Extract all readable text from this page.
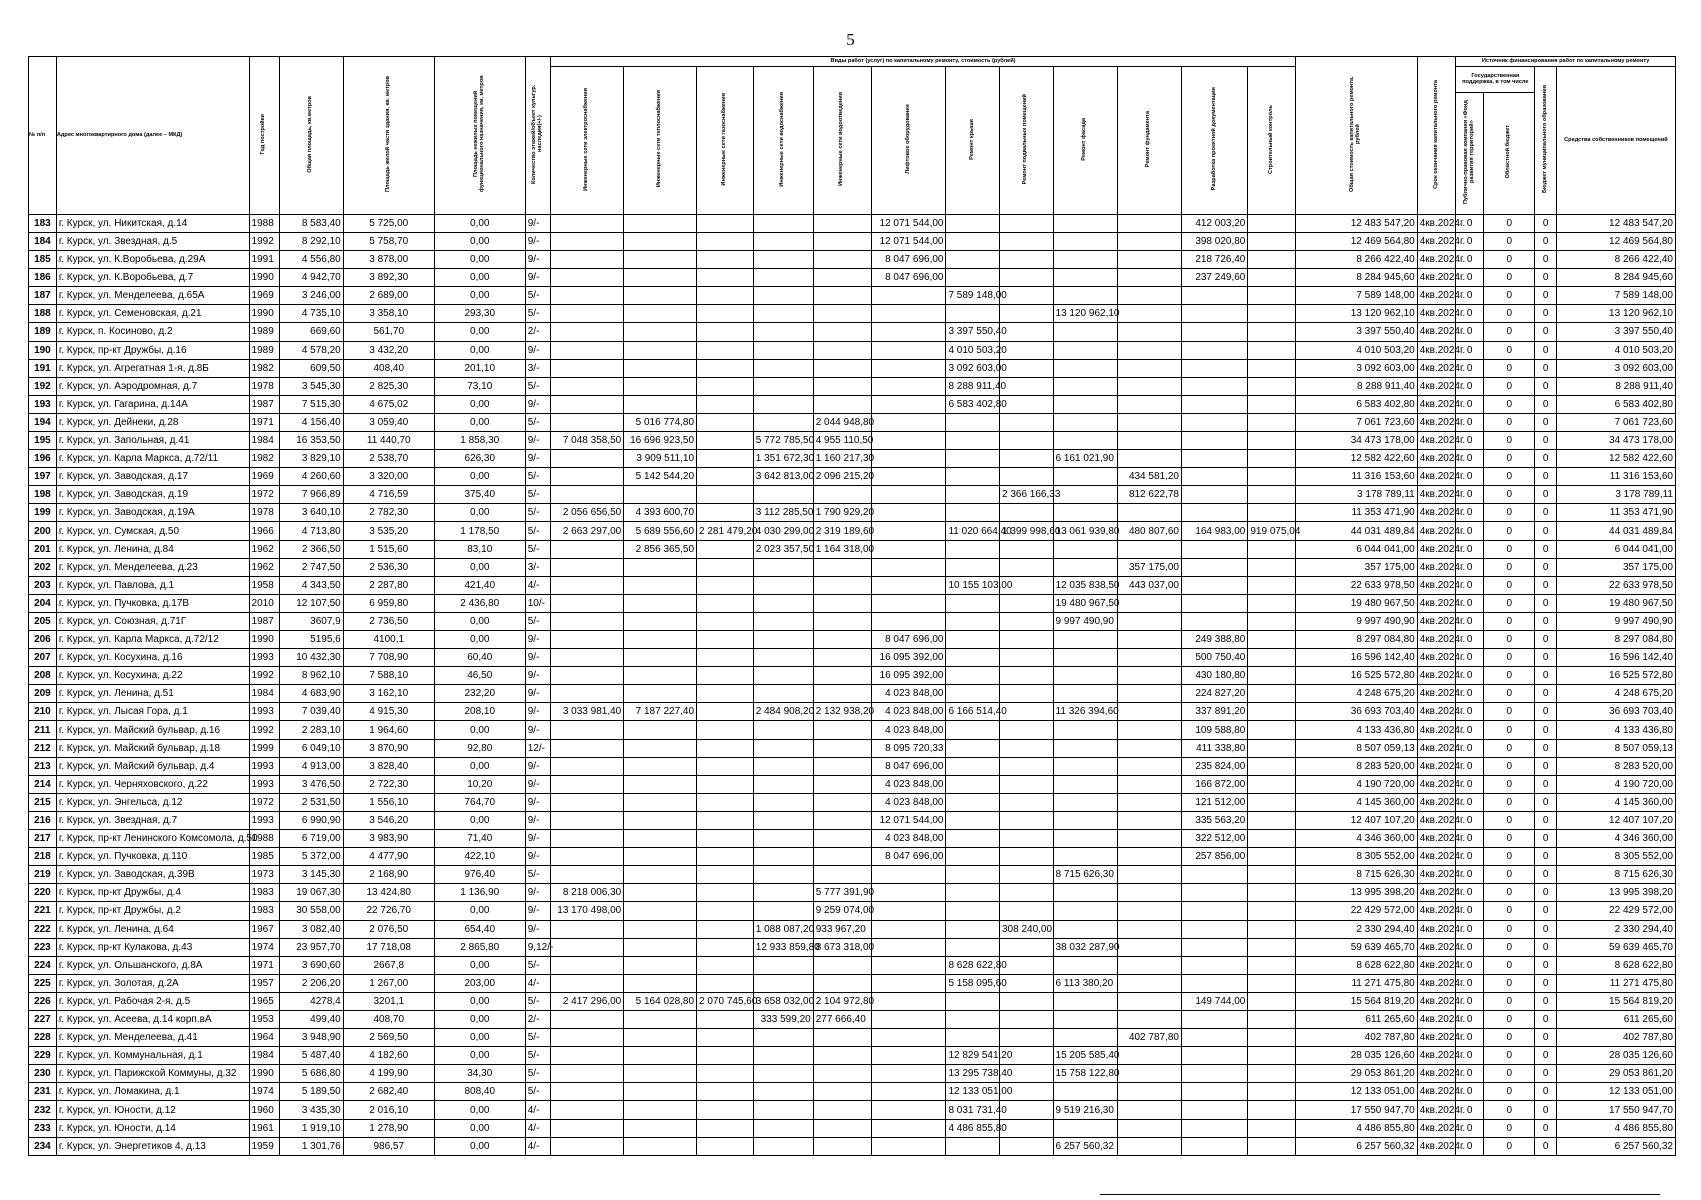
5
№ п/п	Адрес многоквартирного дома (далее – МКД)	Год постройки	Общая площадь, кв.метров	Площадь жилой части здания, кв. метров	Площадь нежилых помещений функционального назначения, кв. метров	Количество этажей/объект культур. наследия(+/-)	Виды работ (услуг) по капитальному ремонту, стоимость (рублей)												Общая стоимость капитального ремонта, рублей	Срок окончания капитального ремонта	Источник финансирования работ по капитальному ремонту			
							Инженерные сети электроснабжения	Инженерные сети теплоснабжения	Инженерные сети газоснабжения	Инженерные сети водоснабжения	Инженерные сети водоотведения	Лифтовое оборудование	Ремонт крыши	Ремонт подвальных помещений	Ремонт фасада	Ремонт фундамента	Разработка проектной документации	Строительный контроль			Государственная поддержка, в том числе		Бюджет муниципального образования	Средства собственников помещений
																					Публично-правовая компания «Фонд развития территорий»	Областной бюджет		
183	г. Курск, ул. Никитская, д.14	1988	8 583,40	5 725,00	0,00	9/-						12 071 544,00					412 003,20		12 483 547,20	4кв.2024г.	0	0	0	12 483 547,20
184	г. Курск, ул. Звездная, д.5	1992	8 292,10	5 758,70	0,00	9/-						12 071 544,00					398 020,80		12 469 564,80	4кв.2024г.	0	0	0	12 469 564,80
185	г. Курск, ул. К.Воробьева, д.29А	1991	4 556,80	3 878,00	0,00	9/-						8 047 696,00					218 726,40		8 266 422,40	4кв.2024г.	0	0	0	8 266 422,40
186	г. Курск, ул. К.Воробьева, д.7	1990	4 942,70	3 892,30	0,00	9/-						8 047 696,00					237 249,60		8 284 945,60	4кв.2024г.	0	0	0	8 284 945,60
187	г. Курск, ул. Менделеева, д.65А	1969	3 246,00	2 689,00	0,00	5/-							7 589 148,00						7 589 148,00	4кв.2024г.	0	0	0	7 589 148,00
188	г. Курск, ул. Семеновская, д.21	1990	4 735,10	3 358,10	293,30	5/-									13 120 962,10				13 120 962,10	4кв.2024г.	0	0	0	13 120 962,10
189	г. Курск, п. Косиново, д.2	1989	669,60	561,70	0,00	2/-							3 397 550,40						3 397 550,40	4кв.2024г.	0	0	0	3 397 550,40
190	г. Курск, пр-кт Дружбы, д.16	1989	4 578,20	3 432,20	0,00	9/-							4 010 503,20						4 010 503,20	4кв.2024г.	0	0	0	4 010 503,20
191	г. Курск, ул. Агрегатная 1-я, д.8Б	1982	609,50	408,40	201,10	3/-							3 092 603,00						3 092 603,00	4кв.2024г.	0	0	0	3 092 603,00
192	г. Курск, ул. Аэродромная, д.7	1978	3 545,30	2 825,30	73,10	5/-							8 288 911,40						8 288 911,40	4кв.2024г.	0	0	0	8 288 911,40
193	г. Курск, ул. Гагарина, д.14А	1987	7 515,30	4 675,02	0,00	9/-							6 583 402,80						6 583 402,80	4кв.2024г.	0	0	0	6 583 402,80
194	г. Курск, ул. Дейнеки, д.28	1971	4 156,40	3 059,40	0,00	5/-		5 016 774,80			2 044 948,80								7 061 723,60	4кв.2024г.	0	0	0	7 061 723,60
195	г. Курск, ул. Запольная, д.41	1984	16 353,50	11 440,70	1 858,30	9/-	7 048 358,50	16 696 923,50		5 772 785,50	4 955 110,50								34 473 178,00	4кв.2024г.	0	0	0	34 473 178,00
196	г. Курск, ул. Карла Маркса, д.72/11	1982	3 829,10	2 538,70	626,30	9/-		3 909 511,10		1 351 672,30	1 160 217,30				6 161 021,90				12 582 422,60	4кв.2024г.	0	0	0	12 582 422,60
197	г. Курск, ул. Заводская, д.17	1969	4 260,60	3 320,00	0,00	5/-		5 142 544,20		3 642 813,00	2 096 215,20					434 581,20			11 316 153,60	4кв.2024г.	0	0	0	11 316 153,60
198	г. Курск, ул. Заводская, д.19	1972	7 966,89	4 716,59	375,40	5/-								2 366 166,33		812 622,78			3 178 789,11	4кв.2024г.	0	0	0	3 178 789,11
199	г. Курск, ул. Заводская, д.19А	1978	3 640,10	2 782,30	0,00	5/-	2 056 656,50	4 393 600,70		3 112 285,50	1 790 929,20								11 353 471,90	4кв.2024г.	0	0	0	11 353 471,90
200	г. Курск, ул. Сумская, д.50	1966	4 713,80	3 535,20	1 178,50	5/-	2 663 297,00	5 689 556,60	2 281 479,20	4 030 299,00	2 319 189,60		11 020 664,40	1 399 998,60	13 061 939,80	480 807,60	164 983,00	919 075,04	44 031 489,84	4кв.2024г.	0	0	0	44 031 489,84
201	г. Курск, ул. Ленина, д.84	1962	2 366,50	1 515,60	83,10	5/-		2 856 365,50		2 023 357,50	1 164 318,00								6 044 041,00	4кв.2024г.	0	0	0	6 044 041,00
202	г. Курск, ул. Менделеева, д.23	1962	2 747,50	2 536,30	0,00	3/-										357 175,00			357 175,00	4кв.2024г.	0	0	0	357 175,00
203	г. Курск, ул. Павлова, д.1	1958	4 343,50	2 287,80	421,40	4/-							10 155 103,00		12 035 838,50	443 037,00			22 633 978,50	4кв.2024г.	0	0	0	22 633 978,50
204	г. Курск, ул. Пучковка, д.17В	2010	12 107,50	6 959,80	2 436,80	10/-									19 480 967,50				19 480 967,50	4кв.2024г.	0	0	0	19 480 967,50
205	г. Курск, ул. Союзная, д.71Г	1987	3607,9	2 736,50	0,00	5/-									9 997 490,90				9 997 490,90	4кв.2024г.	0	0	0	9 997 490,90
206	г. Курск, ул. Карла Маркса, д.72/12	1990	5195,6	4100,1	0,00	9/-						8 047 696,00					249 388,80		8 297 084,80	4кв.2024г.	0	0	0	8 297 084,80
207	г. Курск, ул. Косухина, д.16	1993	10 432,30	7 708,90	60,40	9/-						16 095 392,00					500 750,40		16 596 142,40	4кв.2024г.	0	0	0	16 596 142,40
208	г. Курск, ул. Косухина, д.22	1992	8 962,10	7 588,10	46,50	9/-						16 095 392,00					430 180,80		16 525 572,80	4кв.2024г.	0	0	0	16 525 572,80
209	г. Курск, ул. Ленина, д.51	1984	4 683,90	3 162,10	232,20	9/-						4 023 848,00					224 827,20		4 248 675,20	4кв.2024г.	0	0	0	4 248 675,20
210	г. Курск, ул. Лысая Гора, д.1	1993	7 039,40	4 915,30	208,10	9/-	3 033 981,40	7 187 227,40		2 484 908,20	2 132 938,20	4 023 848,00	6 166 514,40		11 326 394,60		337 891,20		36 693 703,40	4кв.2024г.	0	0	0	36 693 703,40
211	г. Курск, ул. Майский бульвар, д.16	1992	2 283,10	1 964,60	0,00	9/-						4 023 848,00					109 588,80		4 133 436,80	4кв.2024г.	0	0	0	4 133 436,80
212	г. Курск, ул. Майский бульвар, д.18	1999	6 049,10	3 870,90	92,80	12/-						8 095 720,33					411 338,80		8 507 059,13	4кв.2024г.	0	0	0	8 507 059,13
213	г. Курск, ул. Майский бульвар, д.4	1993	4 913,00	3 828,40	0,00	9/-						8 047 696,00					235 824,00		8 283 520,00	4кв.2024г.	0	0	0	8 283 520,00
214	г. Курск, ул. Черняховского, д.22	1993	3 476,50	2 722,30	10,20	9/-						4 023 848,00					166 872,00		4 190 720,00	4кв.2024г.	0	0	0	4 190 720,00
215	г. Курск, ул. Энгельса, д.12	1972	2 531,50	1 556,10	764,70	9/-						4 023 848,00					121 512,00		4 145 360,00	4кв.2024г.	0	0	0	4 145 360,00
216	г. Курск, ул. Звездная, д.7	1993	6 990,90	3 546,20	0,00	9/-						12 071 544,00					335 563,20		12 407 107,20	4кв.2024г.	0	0	0	12 407 107,20
217	г. Курск, пр-кт Ленинского Комсомола, д.50	1988	6 719,00	3 983,90	71,40	9/-						4 023 848,00					322 512,00		4 346 360,00	4кв.2024г.	0	0	0	4 346 360,00
218	г. Курск, ул. Пучковка, д.110	1985	5 372,00	4 477,90	422,10	9/-						8 047 696,00					257 856,00		8 305 552,00	4кв.2024г.	0	0	0	8 305 552,00
219	г. Курск, ул. Заводская, д.39В	1973	3 145,30	2 168,90	976,40	5/-									8 715 626,30				8 715 626,30	4кв.2024г.	0	0	0	8 715 626,30
220	г. Курск, пр-кт Дружбы, д.4	1983	19 067,30	13 424,80	1 136,90	9/-	8 218 006,30				5 777 391,90								13 995 398,20	4кв.2024г.	0	0	0	13 995 398,20
221	г. Курск, пр-кт Дружбы, д.2	1983	30 558,00	22 726,70	0,00	9/-	13 170 498,00				9 259 074,00								22 429 572,00	4кв.2024г.	0	0	0	22 429 572,00
222	г. Курск, ул. Ленина, д.64	1967	3 082,40	2 076,50	654,40	9/-				1 088 087,20	933 967,20			308 240,00					2 330 294,40	4кв.2024г.	0	0	0	2 330 294,40
223	г. Курск, пр-кт Кулакова, д.43	1974	23 957,70	17 718,08	2 865,80	9,12/-				12 933 859,80	8 673 318,00				38 032 287,90				59 639 465,70	4кв.2024г.	0	0	0	59 639 465,70
224	г. Курск, ул. Ольшанского, д.8А	1971	3 690,60	2667,8	0,00	5/-							8 628 622,80						8 628 622,80	4кв.2024г.	0	0	0	8 628 622,80
225	г. Курск, ул. Золотая, д.2А	1957	2 206,20	1 267,00	203,00	4/-							5 158 095,60		6 113 380,20				11 271 475,80	4кв.2024г.	0	0	0	11 271 475,80
226	г. Курск, ул. Рабочая 2-я, д.5	1965	4278,4	3201,1	0,00	5/-	2 417 296,00	5 164 028,80	2 070 745,60	3 658 032,00	2 104 972,80						149 744,00		15 564 819,20	4кв.2024г.	0	0	0	15 564 819,20
227	г. Курск, ул. Асеева, д.14 корп.вА	1953	499,40	408,70	0,00	2/-				333 599,20	277 666,40								611 265,60	4кв.2024г.	0	0	0	611 265,60
228	г. Курск, ул. Менделеева, д.41	1964	3 948,90	2 569,50	0,00	5/-										402 787,80			402 787,80	4кв.2024г.	0	0	0	402 787,80
229	г. Курск, ул. Коммунальная, д.1	1984	5 487,40	4 182,60	0,00	5/-							12 829 541,20		15 205 585,40				28 035 126,60	4кв.2024г.	0	0	0	28 035 126,60
230	г. Курск, ул. Парижской Коммуны, д.32	1990	5 686,80	4 199,90	34,30	5/-							13 295 738,40		15 758 122,80				29 053 861,20	4кв.2024г.	0	0	0	29 053 861,20
231	г. Курск, ул. Ломакина, д.1	1974	5 189,50	2 682,40	808,40	5/-							12 133 051,00						12 133 051,00	4кв.2024г.	0	0	0	12 133 051,00
232	г. Курск, ул. Юности, д.12	1960	3 435,30	2 016,10	0,00	4/-							8 031 731,40		9 519 216,30				17 550 947,70	4кв.2024г.	0	0	0	17 550 947,70
233	г. Курск, ул. Юности, д.14	1961	1 919,10	1 278,90	0,00	4/-							4 486 855,80						4 486 855,80	4кв.2024г.	0	0	0	4 486 855,80
234	г. Курск, ул. Энергетиков 4, д.13	1959	1 301,76	986,57	0,00	4/-									6 257 560,32				6 257 560,32	4кв.2024г.	0	0	0	6 257 560,32
